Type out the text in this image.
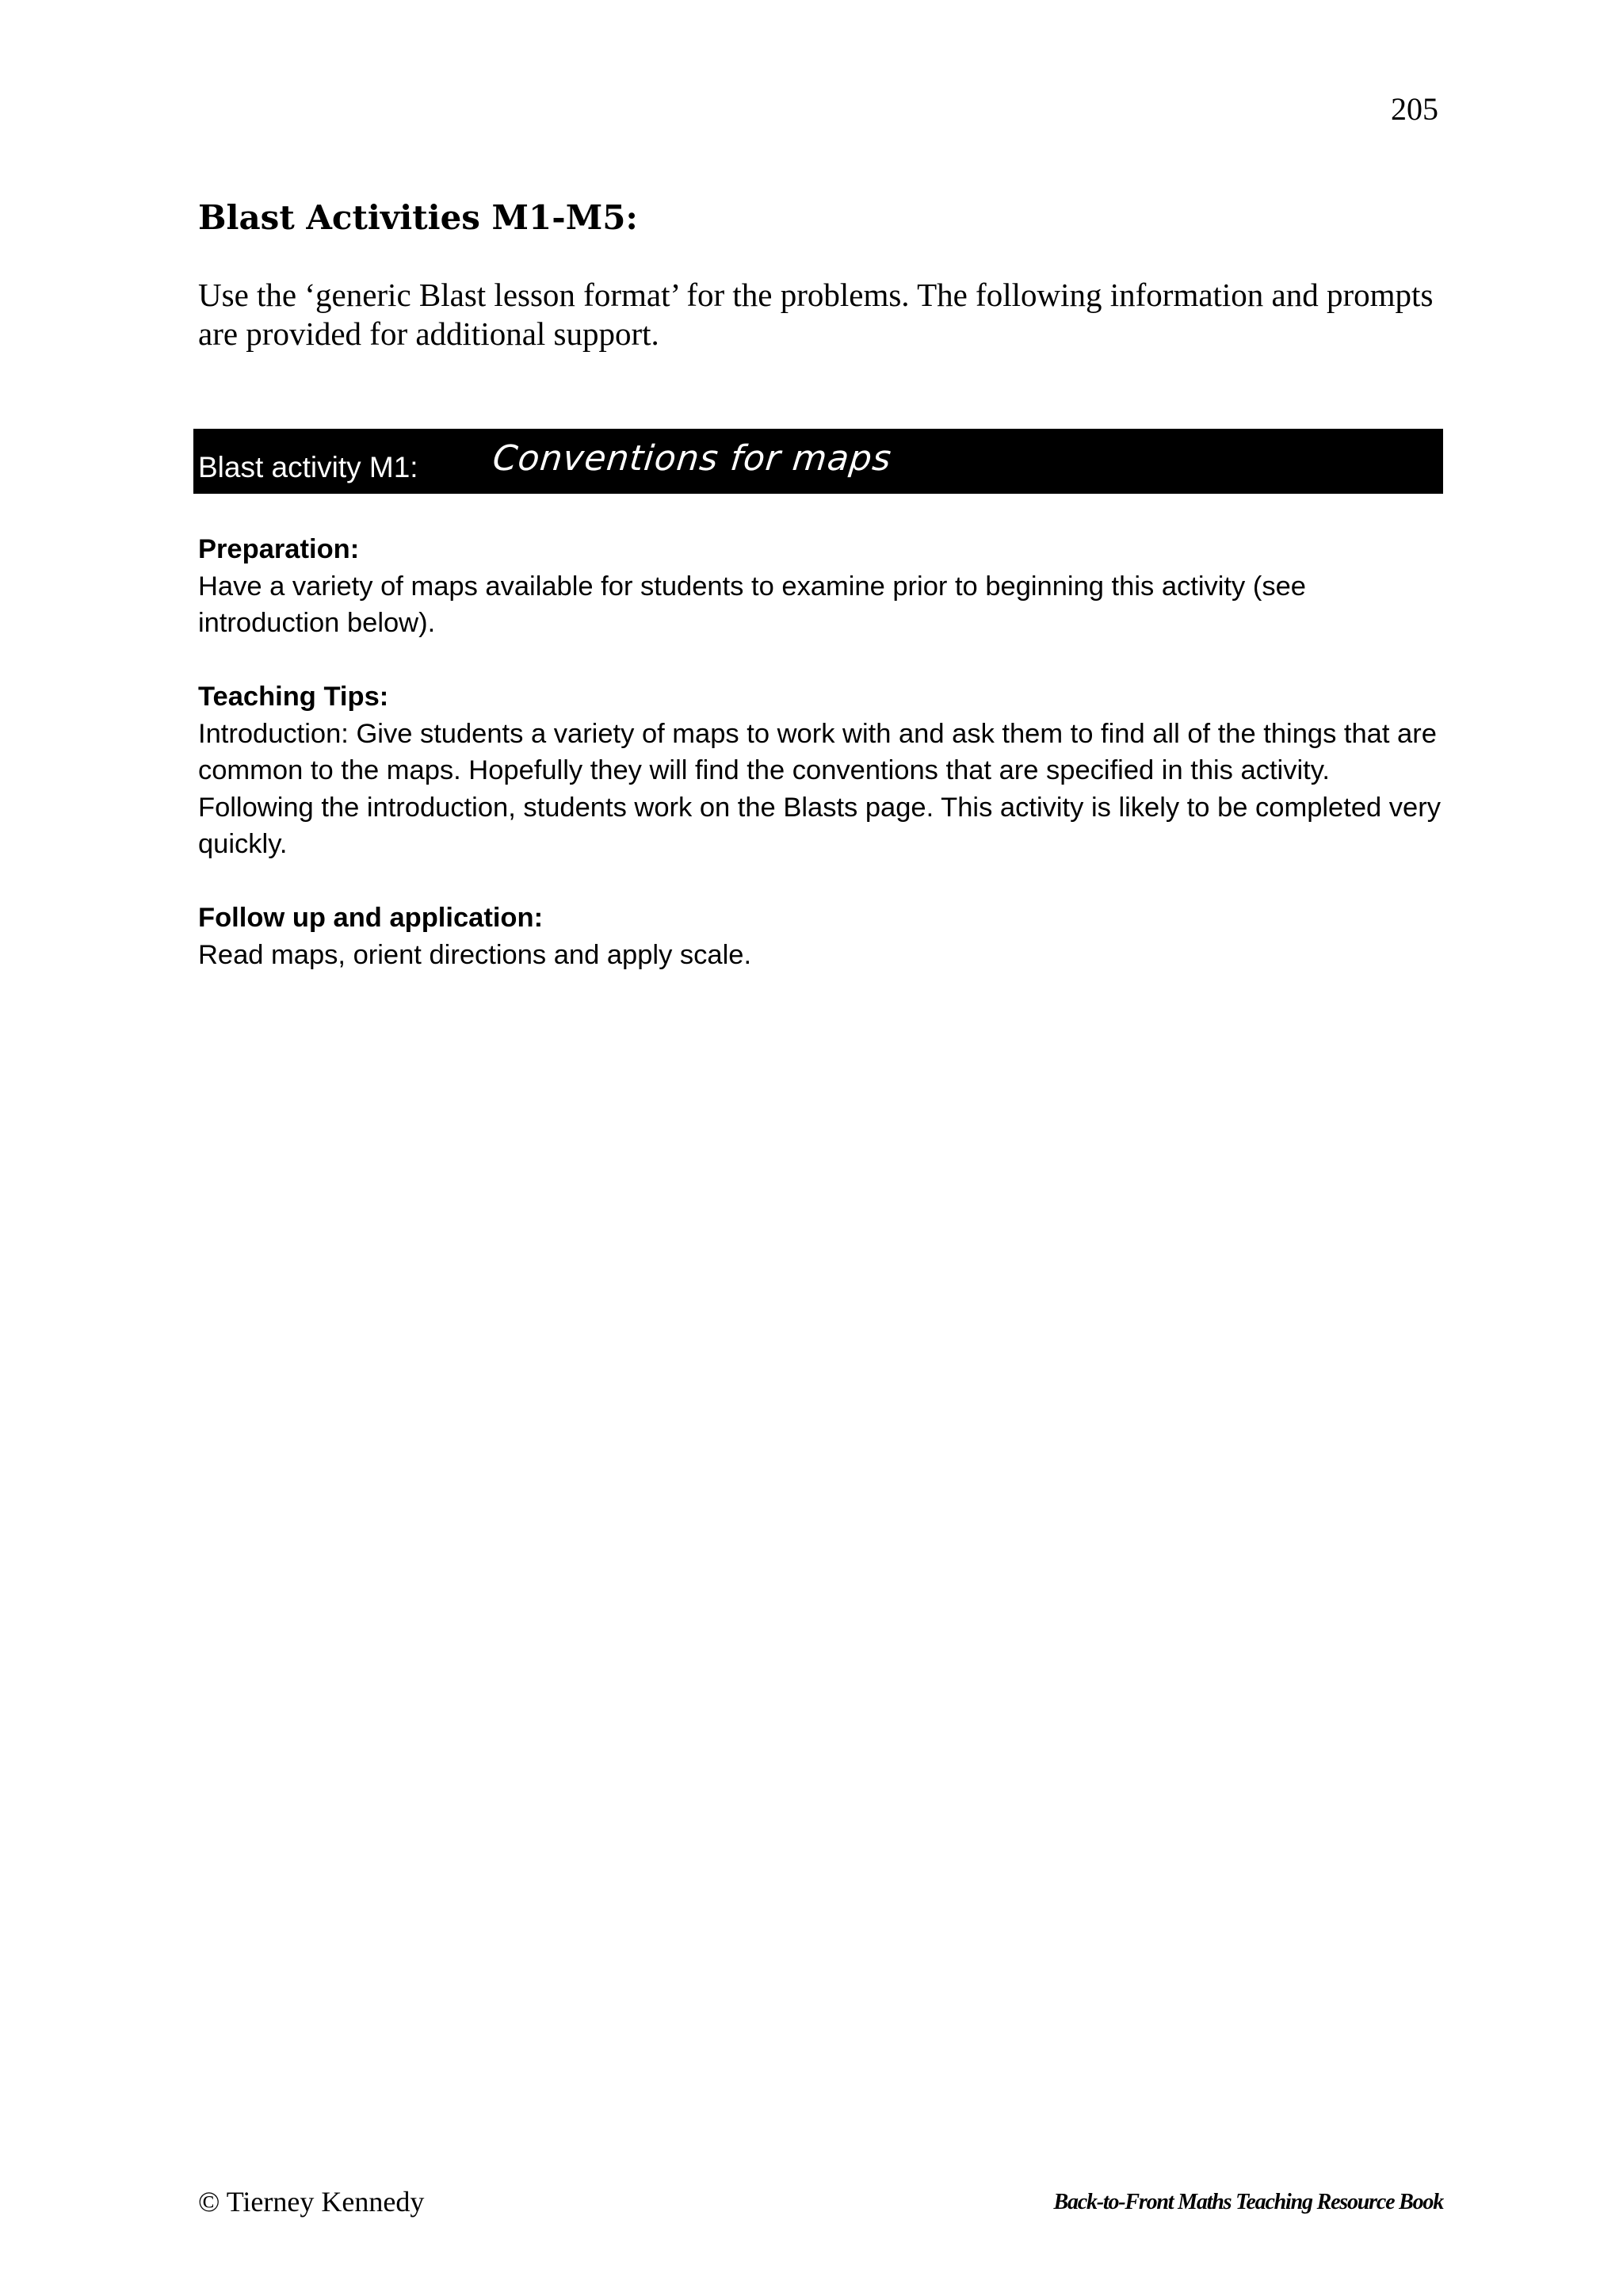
205
Blast Activities M1-M5:

Use the ‘generic Blast lesson format’ for the problems. The following information and prompts are provided for additional support.

Blast activity M1: Conventions for maps

Preparation:

Have a variety of maps available for students to examine prior to beginning this activity (see introduction below).

Teaching Tips:

Introduction: Give students a variety of maps to work with and ask them to find all of the things that are common to the maps. Hopefully they will find the conventions that are specified in this activity. Following the introduction, students work on the Blasts page. This activity is likely to be completed very quickly.

Follow up and application:

Read maps, orient directions and apply scale.

© Tierney Kennedy	Back-to-Front Maths Teaching Resource Book
